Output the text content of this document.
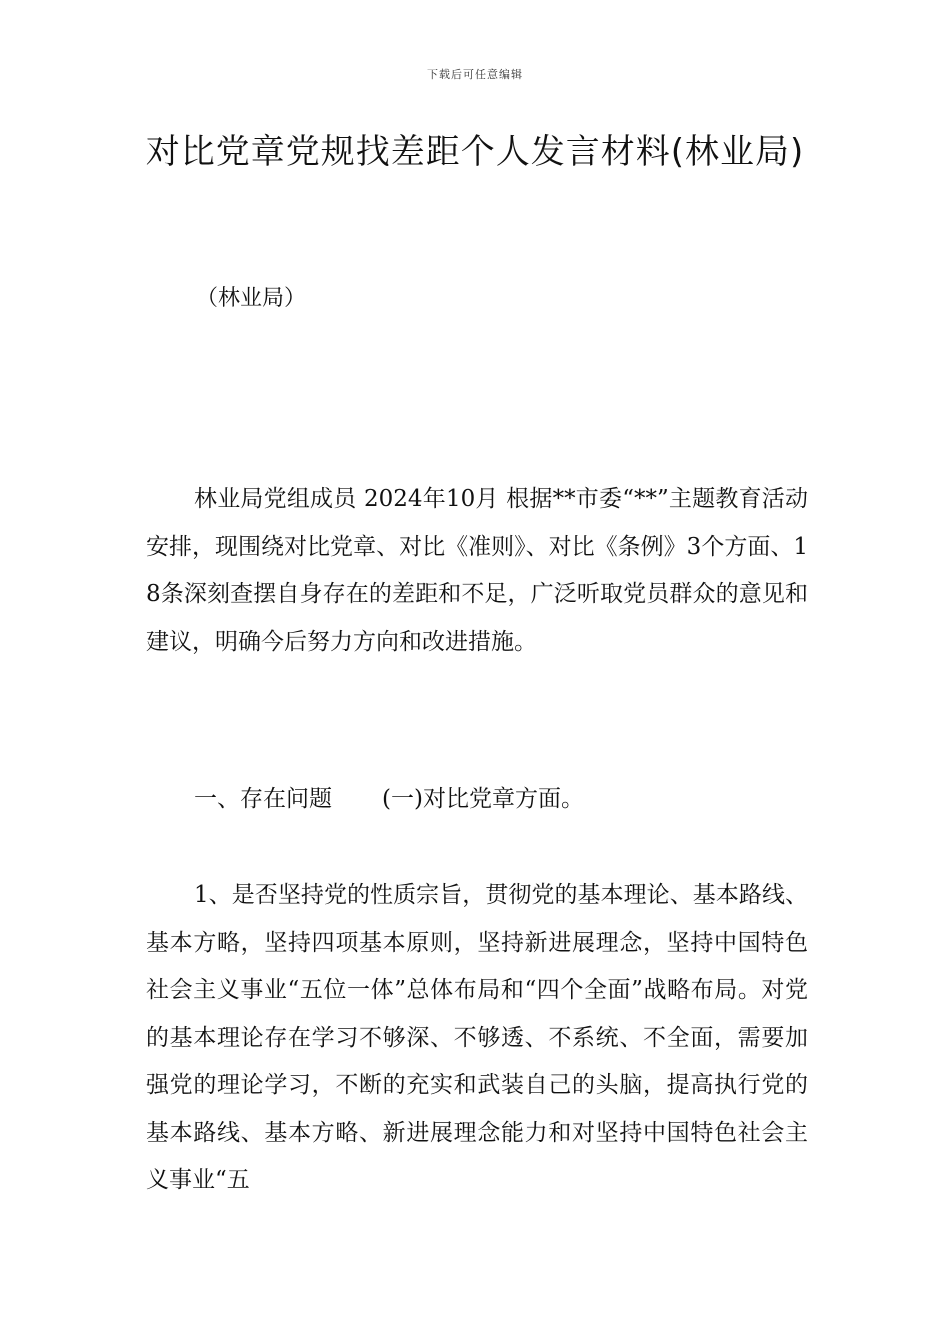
下载后可任意编辑
对比党章党规找差距个人发言材料(林业局)

（林业局）

林业局党组成员 2024年10月 根据**市委“**”主题教育活动安排，现围绕对比党章、对比《准则》、对比《条例》3个方面、18条深刻查摆自身存在的差距和不足，广泛听取党员群众的意见和建议，明确今后努力方向和改进措施。

一、存在问题 (一)对比党章方面。

1、是否坚持党的性质宗旨，贯彻党的基本理论、基本路线、基本方略，坚持四项基本原则，坚持新进展理念，坚持中国特色社会主义事业“五位一体”总体布局和“四个全面”战略布局。对党的基本理论存在学习不够深、不够透、不系统、不全面，需要加强党的理论学习，不断的充实和武装自己的头脑，提高执行党的基本路线、基本方略、新进展理念能力和对坚持中国特色社会主义事业“五
